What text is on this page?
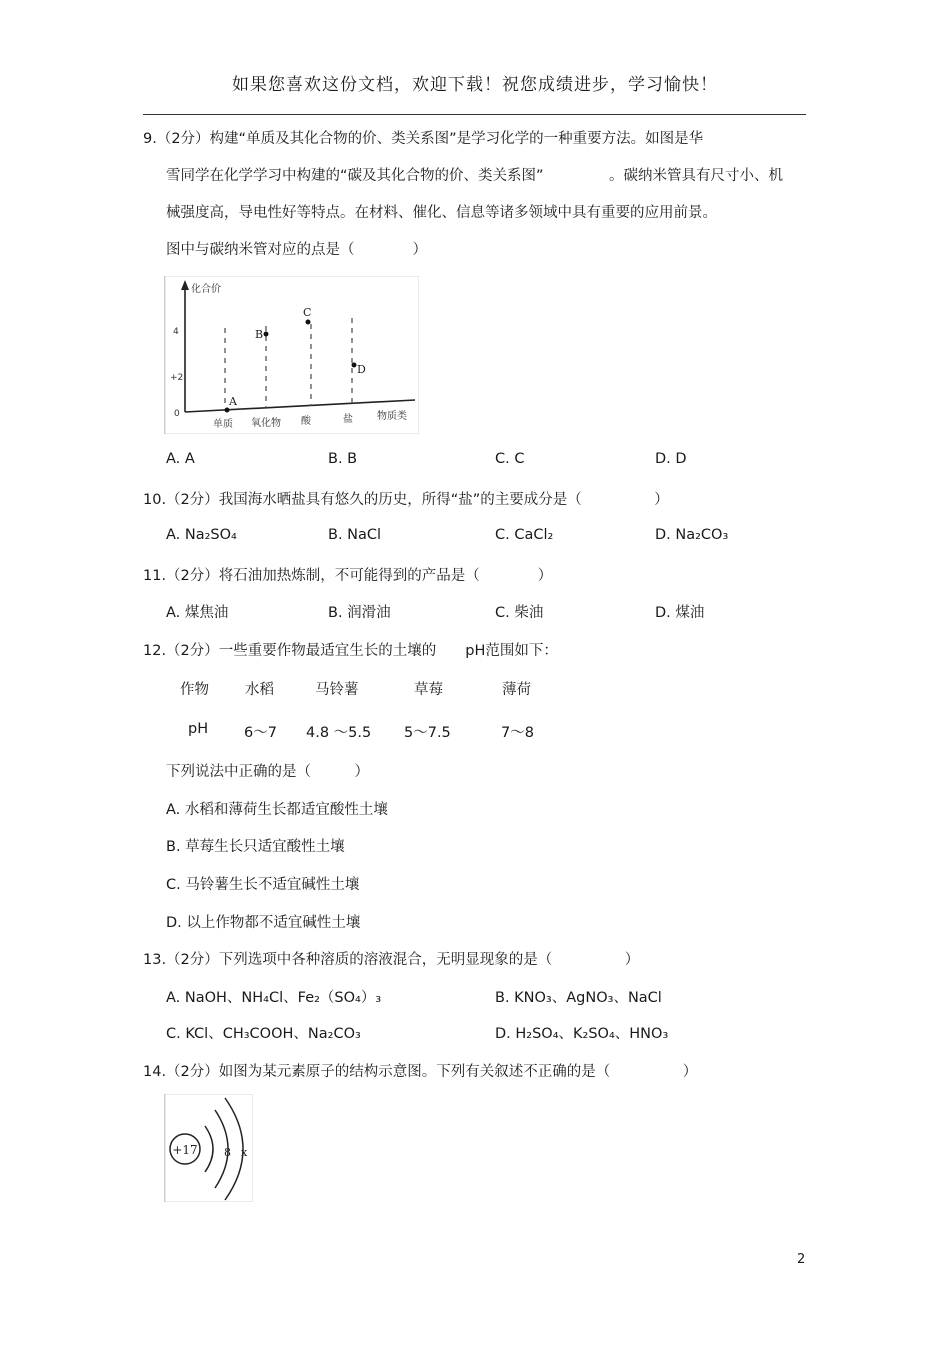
如果您喜欢这份文档，欢迎下载！祝您成绩进步，学习愉快！
9.（2分）构建“单质及其化合物的价、类关系图”是学习化学的一种重要方法。如图是华
雪同学在化学学习中构建的“碳及其化合物的价、类关系图”	。碳纳米管具有尺寸小、机
械强度高，导电性好等特点。在材料、催化、信息等诸多领域中具有重要的应用前景。
图中与碳纳米管对应的点是（　　　　）
化合价
4
+2
0
A
B
C
D
单质 氧化物 酸	盐 物质类
A. A	B. B	C. C	D. D
10.（2分）我国海水晒盐具有悠久的历史，所得“盐”的主要成分是（　　　　　）
A. Na₂SO₄	B. NaCl	C. CaCl₂	D. Na₂CO₃
11.（2分）将石油加热炼制，不可能得到的产品是（　　　　）
A. 煤焦油	B. 润滑油	C. 柴油	D. 煤油
12.（2分）一些重要作物最适宜生长的土壤的　　pH范围如下：
作物 水稻	马铃薯	草莓	薄荷
pH 6～7 4.8 ～5.5 5～7.5	7～8
下列说法中正确的是（　　　）
A. 水稻和薄荷生长都适宜酸性土壤
B. 草莓生长只适宜酸性土壤
C. 马铃薯生长不适宜碱性土壤
D. 以上作物都不适宜碱性土壤
13.（2分）下列选项中各种溶质的溶液混合，无明显现象的是（　　　　　）
A. NaOH、NH₄Cl、Fe₂（SO₄）₃	B. KNO₃、AgNO₃、NaCl
C. KCl、CH₃COOH、Na₂CO₃	D. H₂SO₄、K₂SO₄、HNO₃
14.（2分）如图为某元素原子的结构示意图。下列有关叙述不正确的是（　　　　　）
+17 8 x
2
